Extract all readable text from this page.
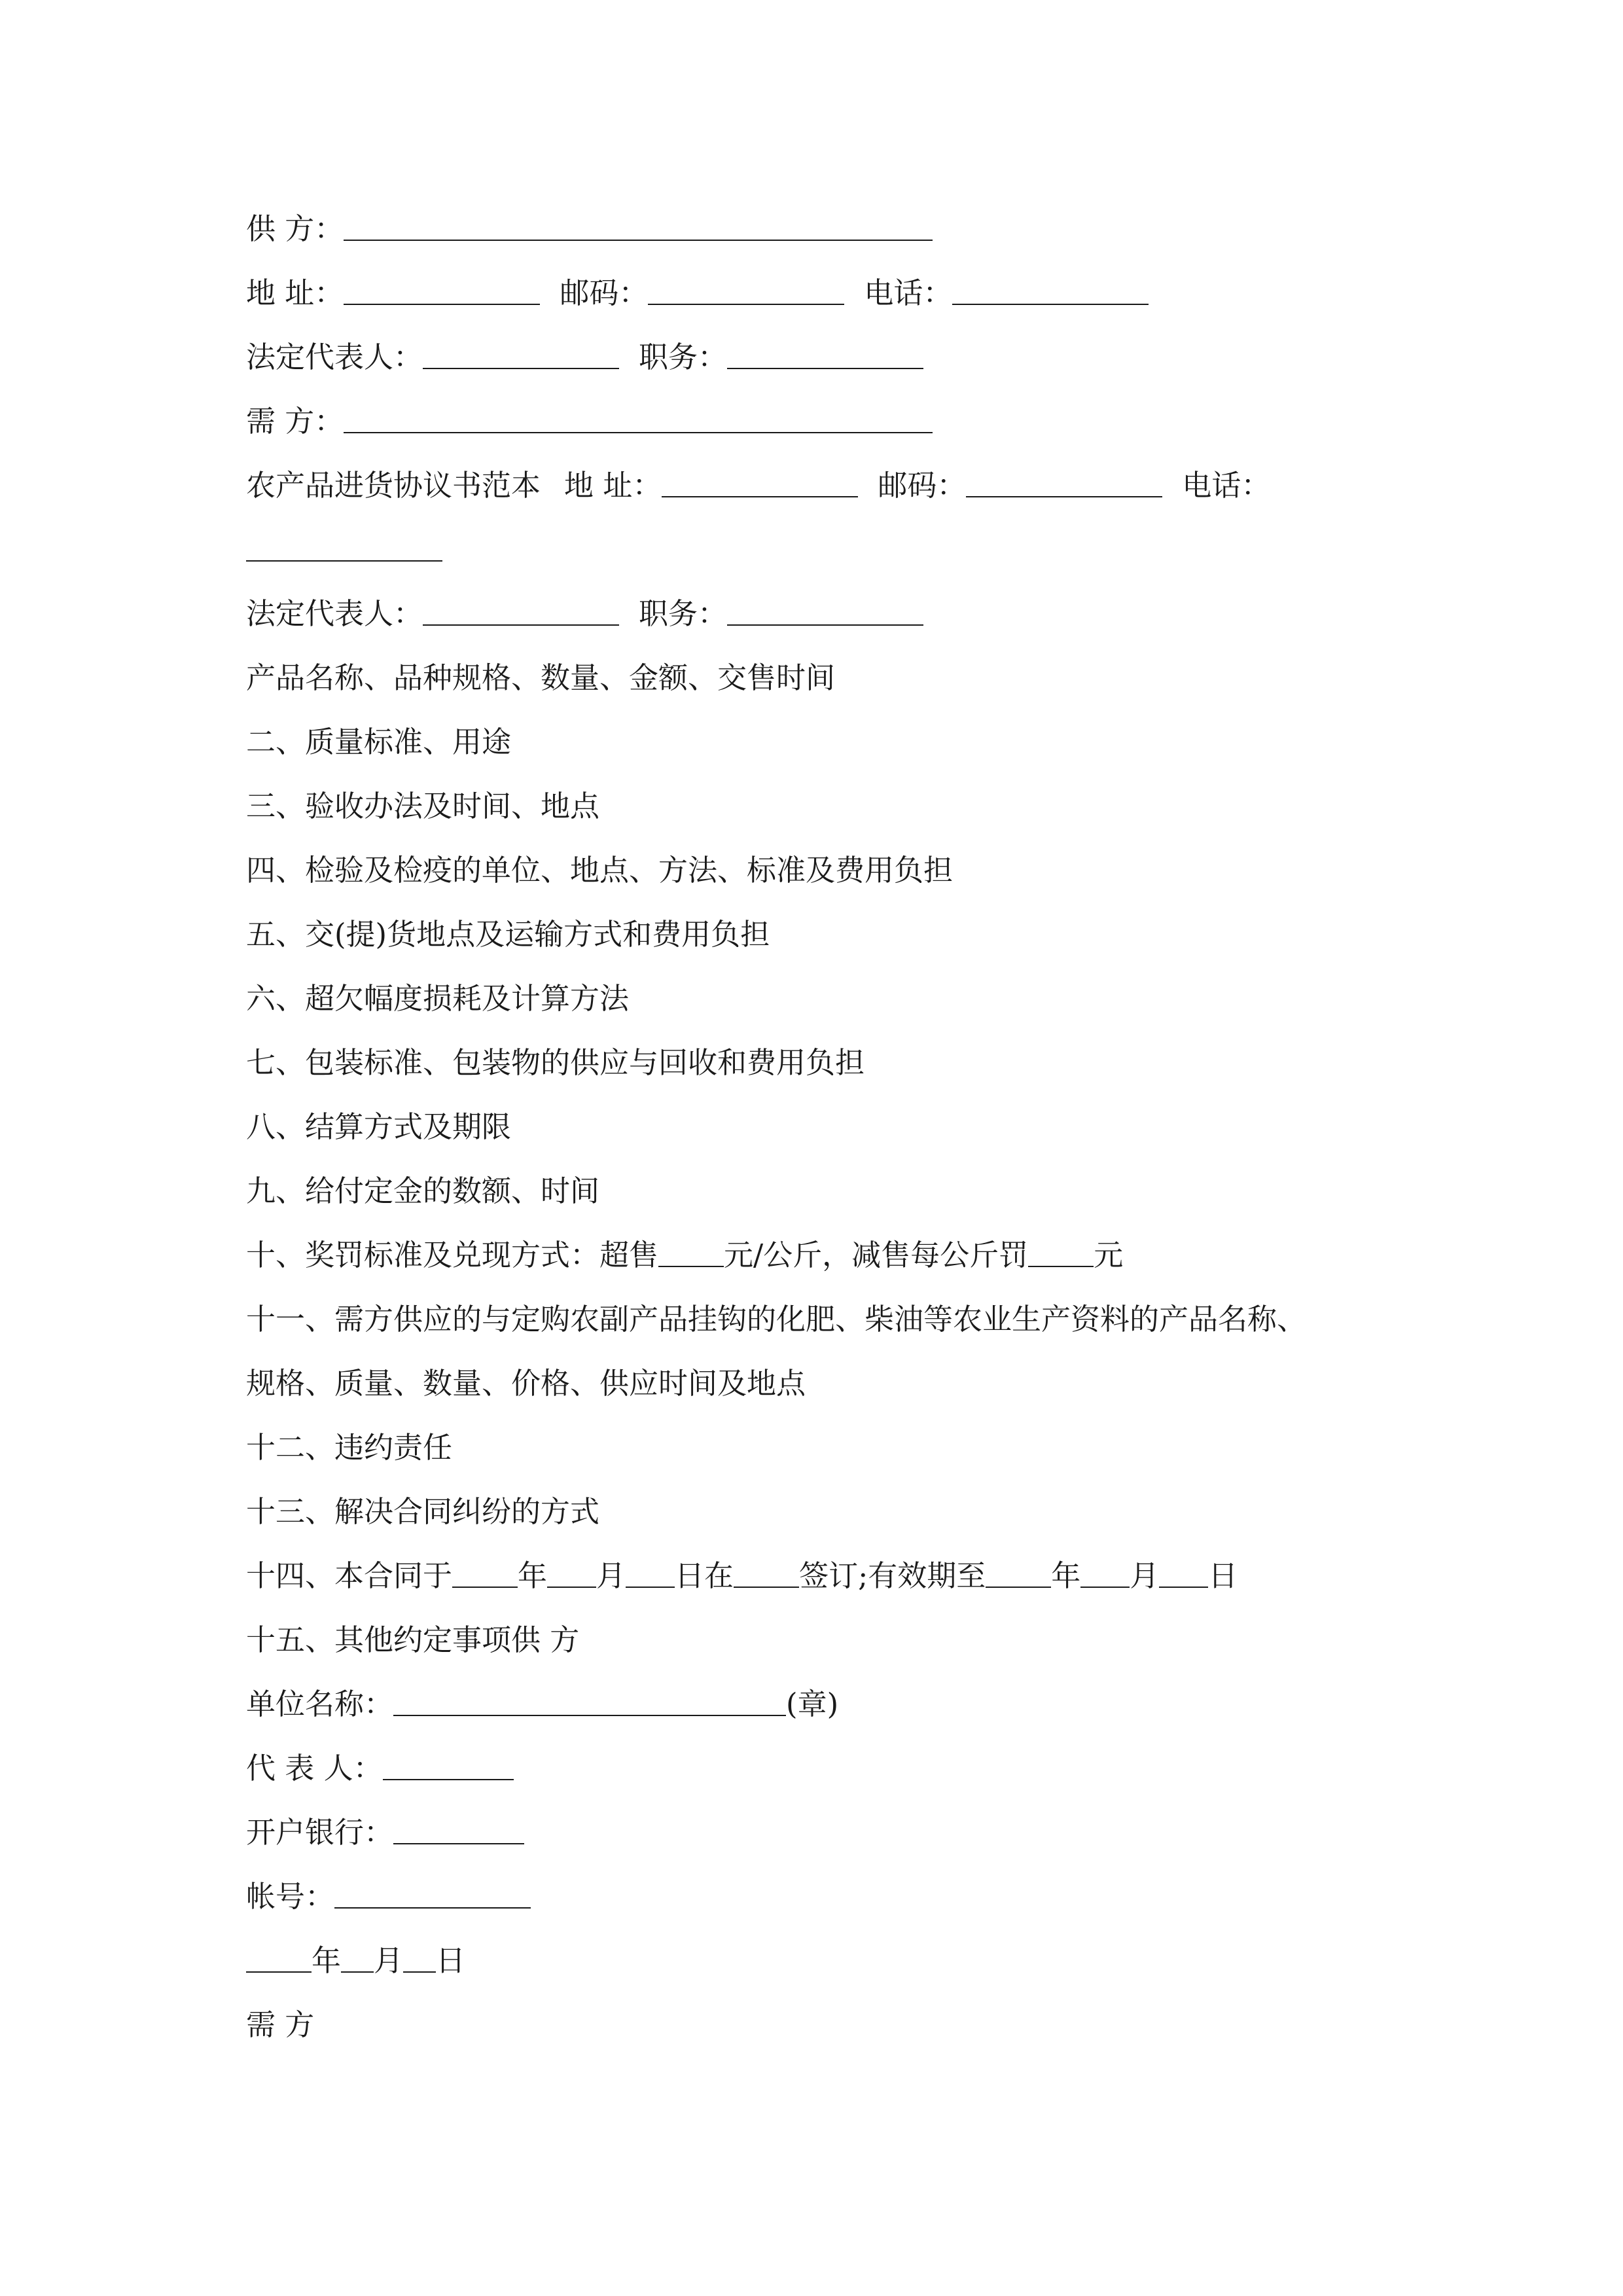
供 方：
地 址：	邮码：	电话：
法定代表人：	职务：
需 方：
农产品进货协议书范本 地 址：	邮码：	电话：
法定代表人：	职务：
产品名称、品种规格、数量、金额、交售时间
二、质量标准、用途
三、验收办法及时间、地点
四、检验及检疫的单位、地点、方法、标准及费用负担
五、交(提)货地点及运输方式和费用负担
六、超欠幅度损耗及计算方法
七、包装标准、包装物的供应与回收和费用负担
八、结算方式及期限
九、给付定金的数额、时间
十、奖罚标准及兑现方式：超售 元/公斤，减售每公斤罚 元
十一、需方供应的与定购农副产品挂钩的化肥、柴油等农业生产资料的产品名称、
规格、质量、数量、价格、供应时间及地点
十二、违约责任
十三、解决合同纠纷的方式
十四、本合同于 年 月 日在 签订;有效期至 年 月 日
十五、其他约定事项供 方
单位名称：	(章)
代 表 人：
开户银行：
帐号：
年 月 日
需 方
